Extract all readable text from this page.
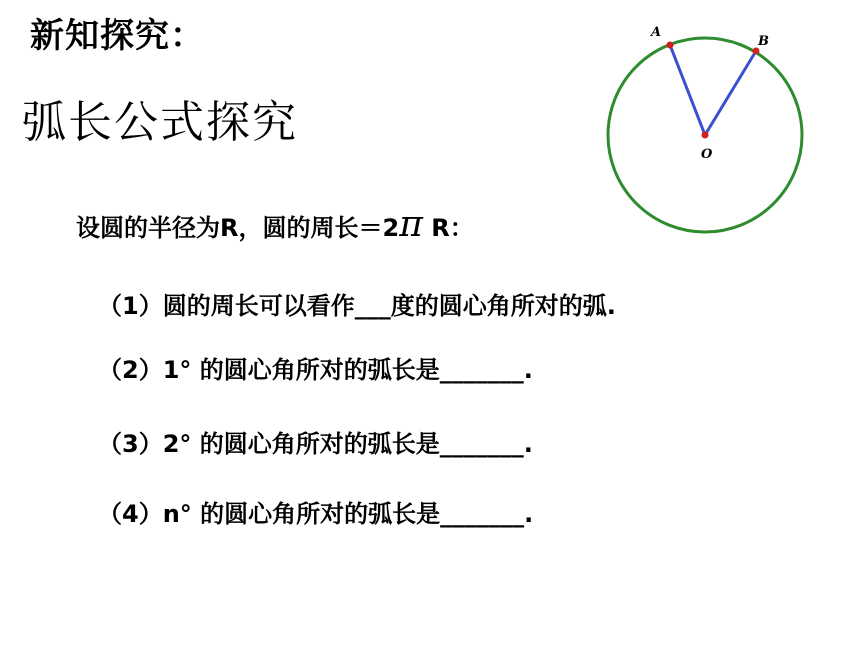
新知探究：
弧长公式探究
设圆的半径为R，圆的周长＝2π R：
（1）圆的周长可以看作___度的圆心角所对的弧.
（2）1° 的圆心角所对的弧长是_______.
（3）2° 的圆心角所对的弧长是_______.
（4）n° 的圆心角所对的弧长是_______.
A
B
O
